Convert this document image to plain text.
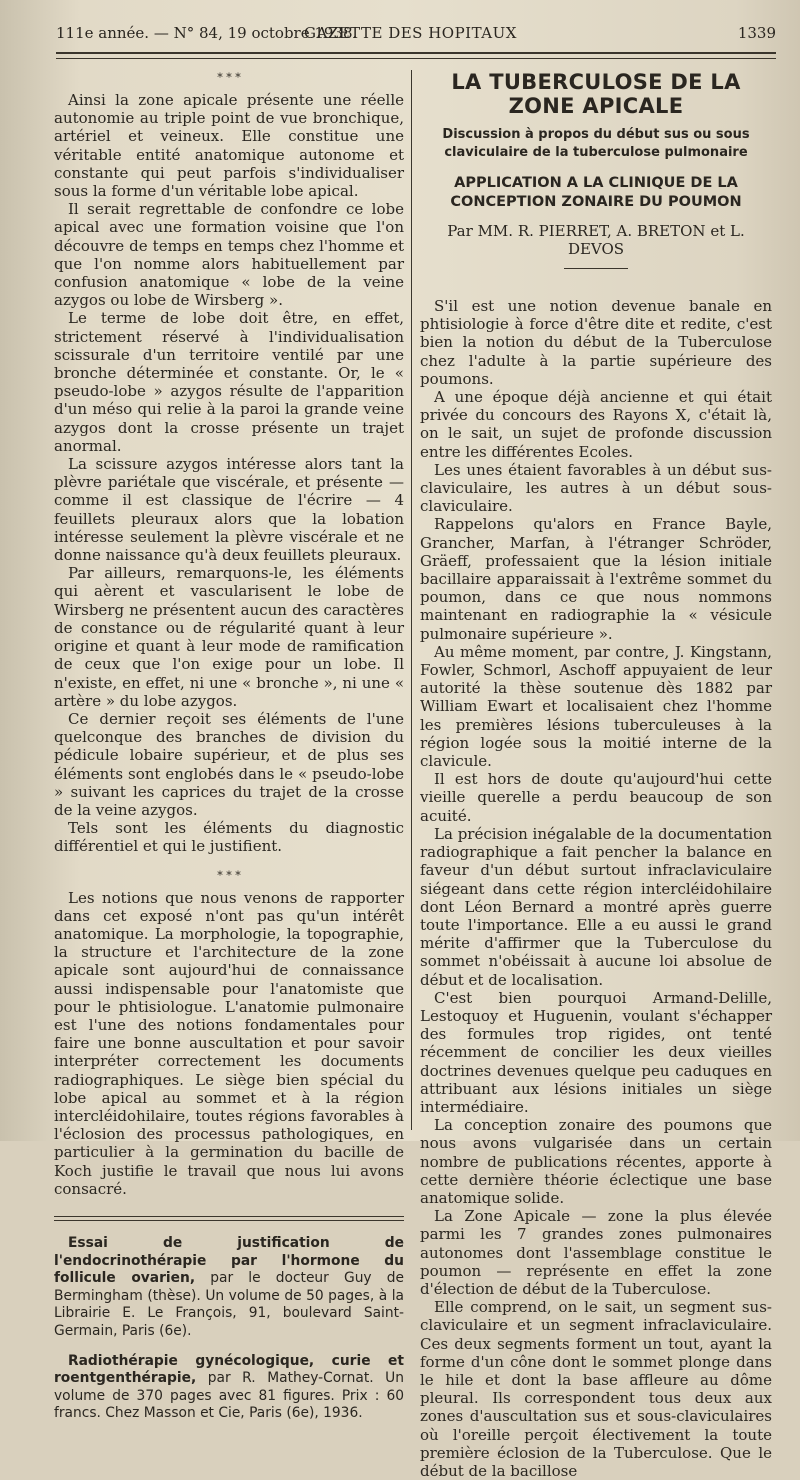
111e année. — N° 84, 19 octobre 1938.
GAZETTE DES HOPITAUX	1339
* * *

Ainsi la zone apicale présente une réelle autonomie au triple point de vue bronchique, artériel et veineux. Elle constitue une véritable entité anatomique autonome et constante qui peut parfois s'individualiser sous la forme d'un véritable lobe apical.

Il serait regrettable de confondre ce lobe apical avec une formation voisine que l'on découvre de temps en temps chez l'homme et que l'on nomme alors habituellement par confusion anatomique « lobe de la veine azygos ou lobe de Wirsberg ».

Le terme de lobe doit être, en effet, strictement réservé à l'individualisation scissurale d'un territoire ventilé par une bronche déterminée et constante. Or, le « pseudo-lobe » azygos résulte de l'apparition d'un méso qui relie à la paroi la grande veine azygos dont la crosse présente un trajet anormal.

La scissure azygos intéresse alors tant la plèvre pariétale que viscérale, et présente — comme il est classique de l'écrire — 4 feuillets pleuraux alors que la lobation intéresse seulement la plèvre viscérale et ne donne naissance qu'à deux feuillets pleuraux.

Par ailleurs, remarquons-le, les éléments qui aèrent et vascularisent le lobe de Wirsberg ne présentent aucun des caractères de constance ou de régularité quant à leur origine et quant à leur mode de ramification de ceux que l'on exige pour un lobe. Il n'existe, en effet, ni une « bronche », ni une « artère » du lobe azygos.

Ce dernier reçoit ses éléments de l'une quelconque des branches de division du pédicule lobaire supérieur, et de plus ses éléments sont englobés dans le « pseudo-lobe » suivant les caprices du trajet de la crosse de la veine azygos.

Tels sont les éléments du diagnostic différentiel et qui le justifient.

* * *

Les notions que nous venons de rapporter dans cet exposé n'ont pas qu'un intérêt anatomique. La morphologie, la topographie, la structure et l'architecture de la zone apicale sont aujourd'hui de connaissance aussi indispensable pour l'anatomiste que pour le phtisiologue. L'anatomie pulmonaire est l'une des notions fondamentales pour faire une bonne auscultation et pour savoir interpréter correctement les documents radiographiques. Le siège bien spécial du lobe apical au sommet et à la région intercléidohilaire, toutes régions favorables à l'éclosion des processus pathologiques, en particulier à la germination du bacille de Koch justifie le travail que nous lui avons consacré.

Essai de justification de l'endocrinothérapie par l'hormone du follicule ovarien, par le docteur Guy de Bermingham (thèse). Un volume de 50 pages, à la Librairie E. Le François, 91, boulevard Saint-Germain, Paris (6e).

Radiothérapie gynécologique, curie et roentgenthérapie, par R. Mathey-Cornat. Un volume de 370 pages avec 81 figures. Prix : 60 francs. Chez Masson et Cie, Paris (6e), 1936.

LA TUBERCULOSE DE LA ZONE APICALE
Discussion à propos du début sus ou sous claviculaire de la tuberculose pulmonaire
APPLICATION A LA CLINIQUE DE LA CONCEPTION ZONAIRE DU POUMON
Par MM. R. PIERRET, A. BRETON et L. DEVOS

S'il est une notion devenue banale en phtisiologie à force d'être dite et redite, c'est bien la notion du début de la Tuberculose chez l'adulte à la partie supérieure des poumons.

A une époque déjà ancienne et qui était privée du concours des Rayons X, c'était là, on le sait, un sujet de profonde discussion entre les différentes Ecoles.

Les unes étaient favorables à un début sus-claviculaire, les autres à un début sous-claviculaire.

Rappelons qu'alors en France Bayle, Grancher, Marfan, à l'étranger Schröder, Gräeff, professaient que la lésion initiale bacillaire apparaissait à l'extrême sommet du poumon, dans ce que nous nommons maintenant en radiographie la « vésicule pulmonaire supérieure ».

Au même moment, par contre, J. Kingstann, Fowler, Schmorl, Aschoff appuyaient de leur autorité la thèse soutenue dès 1882 par William Ewart et localisaient chez l'homme les premières lésions tuberculeuses à la région logée sous la moitié interne de la clavicule.

Il est hors de doute qu'aujourd'hui cette vieille querelle a perdu beaucoup de son acuité.

La précision inégalable de la documentation radiographique a fait pencher la balance en faveur d'un début surtout infraclaviculaire siégeant dans cette région intercléidohilaire dont Léon Bernard a montré après guerre toute l'importance. Elle a eu aussi le grand mérite d'affirmer que la Tuberculose du sommet n'obéissait à aucune loi absolue de début et de localisation.

C'est bien pourquoi Armand-Delille, Lestoquoy et Huguenin, voulant s'échapper des formules trop rigides, ont tenté récemment de concilier les deux vieilles doctrines devenues quelque peu caduques en attribuant aux lésions initiales un siège intermédiaire.

La conception zonaire des poumons que nous avons vulgarisée dans un certain nombre de publications récentes, apporte à cette dernière théorie éclectique une base anatomique solide.

La Zone Apicale — zone la plus élevée parmi les 7 grandes zones pulmonaires autonomes dont l'assemblage constitue le poumon — représente en effet la zone d'élection de début de la Tuberculose.

Elle comprend, on le sait, un segment sus-claviculaire et un segment infraclaviculaire. Ces deux segments forment un tout, ayant la forme d'un cône dont le sommet plonge dans le hile et dont la base affleure au dôme pleural. Ils correspondent tous deux aux zones d'auscultation sus et sous-claviculaires où l'oreille perçoit électivement la toute première éclosion de la Tuberculose. Que le début de la bacillose
